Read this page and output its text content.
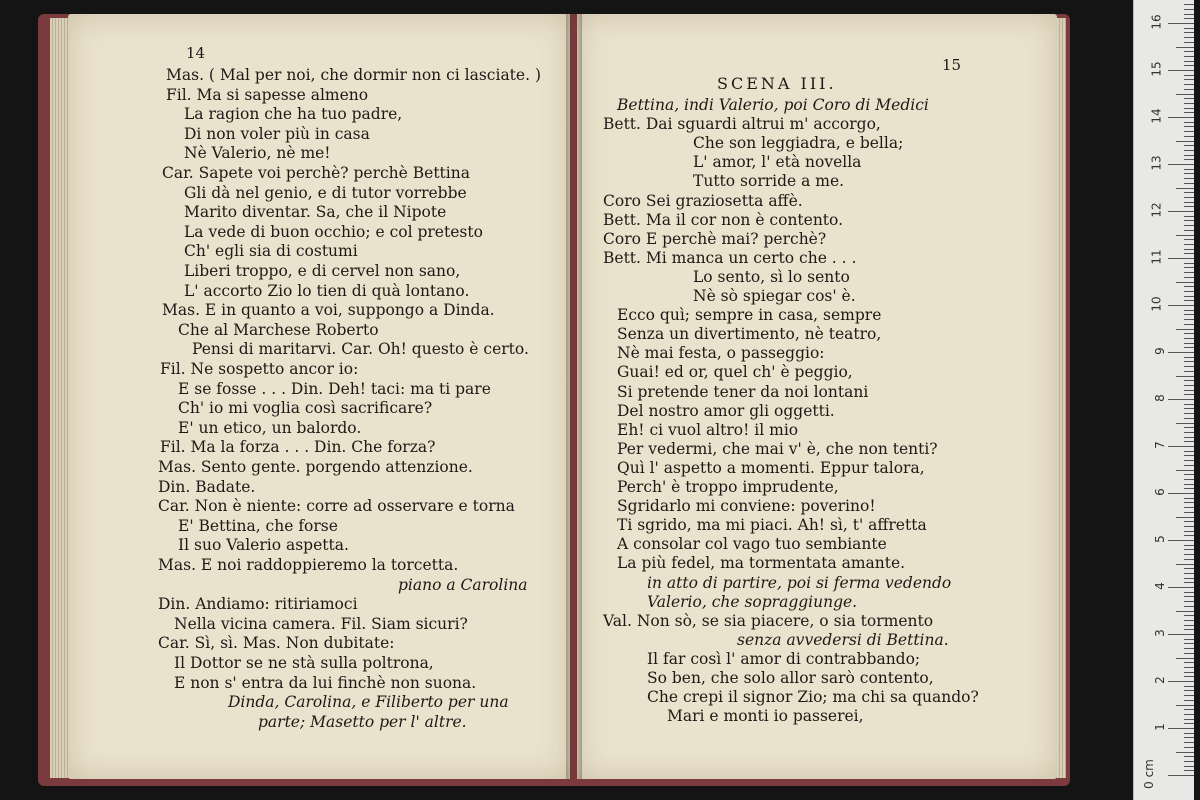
14
Mas. ( Mal per noi, che dormir non ci lasciate. )
Fil. Ma si sapesse almeno
La ragion che ha tuo padre,
Di non voler più in casa
Nè Valerio, nè me!
Car. Sapete voi perchè? perchè Bettina
Gli dà nel genio, e di tutor vorrebbe
Marito diventar. Sa, che il Nipote
La vede di buon occhio; e col pretesto
Ch' egli sia di costumi
Liberi troppo, e di cervel non sano,
L' accorto Zio lo tien di quà lontano.
Mas. E in quanto a voi, suppongo a Dinda.
Che al Marchese Roberto
Pensi di maritarvi. Car. Oh! questo è certo.
Fil. Ne sospetto ancor io:
E se fosse . . . Din. Deh! taci: ma ti pare
Ch' io mi voglia così sacrificare?
E' un etico, un balordo.
Fil. Ma la forza . . . Din. Che forza?
Mas. Sento gente. porgendo attenzione.
Din. Badate.
Car. Non è niente: corre ad osservare e torna
E' Bettina, che forse
Il suo Valerio aspetta.
Mas. E noi raddoppieremo la torcetta.
piano a Carolina
Din. Andiamo: ritiriamoci
Nella vicina camera. Fil. Siam sicuri?
Car. Sì, sì. Mas. Non dubitate:
Il Dottor se ne stà sulla poltrona,
E non s' entra da lui finchè non suona.
Dinda, Carolina, e Filiberto per una
parte; Masetto per l' altre.
15
SCENA III.
Bettina, indi Valerio, poi Coro di Medici
Bett. Dai sguardi altrui m' accorgo,
Che son leggiadra, e bella;
L' amor, l' età novella
Tutto sorride a me.
Coro Sei graziosetta affè.
Bett. Ma il cor non è contento.
Coro E perchè mai? perchè?
Bett. Mi manca un certo che . . .
Lo sento, sì lo sento
Nè sò spiegar cos' è.
Ecco quì; sempre in casa, sempre
Senza un divertimento, nè teatro,
Nè mai festa, o passeggio:
Guai! ed or, quel ch' è peggio,
Si pretende tener da noi lontani
Del nostro amor gli oggetti.
Eh! ci vuol altro! il mio
Per vedermi, che mai v' è, che non tenti?
Quì l' aspetto a momenti. Eppur talora,
Perch' è troppo imprudente,
Sgridarlo mi conviene: poverino!
Ti sgrido, ma mi piaci. Ah! sì, t' affretta
A consolar col vago tuo sembiante
La più fedel, ma tormentata amante.
in atto di partire, poi si ferma vedendo
Valerio, che sopraggiunge.
Val. Non sò, se sia piacere, o sia tormento
senza avvedersi di Bettina.
Il far così l' amor di contrabbando;
So ben, che solo allor sarò contento,
Che crepi il signor Zio; ma chi sa quando?
Mari e monti io passerei,
0 cm
1
2
3
4
5
6
7
8
9
10
11
12
13
14
15
16
